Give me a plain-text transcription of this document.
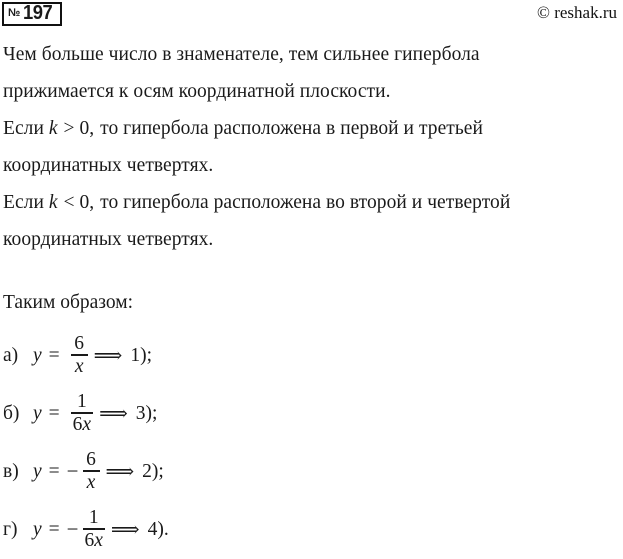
№ 197	© reshak.ru
Чем больше число в знаменателе, тем сильнее гипербола
прижимается к осям координатной плоскости.
Если k > 0, то гипербола расположена в первой и третьей
координатных четвертях.
Если k < 0, то гипербола расположена во второй и четвертой
координатных четвертях.
Таким образом:
а) $y = \frac{6}{x}$ ⟹ 1);
б) $y = \frac{1}{6x}$ ⟹ 3);
в) y = − $\frac{6}{x}$ ⟹ 2);
г) y = − $\frac{1}{6x}$ ⟹ 4).
